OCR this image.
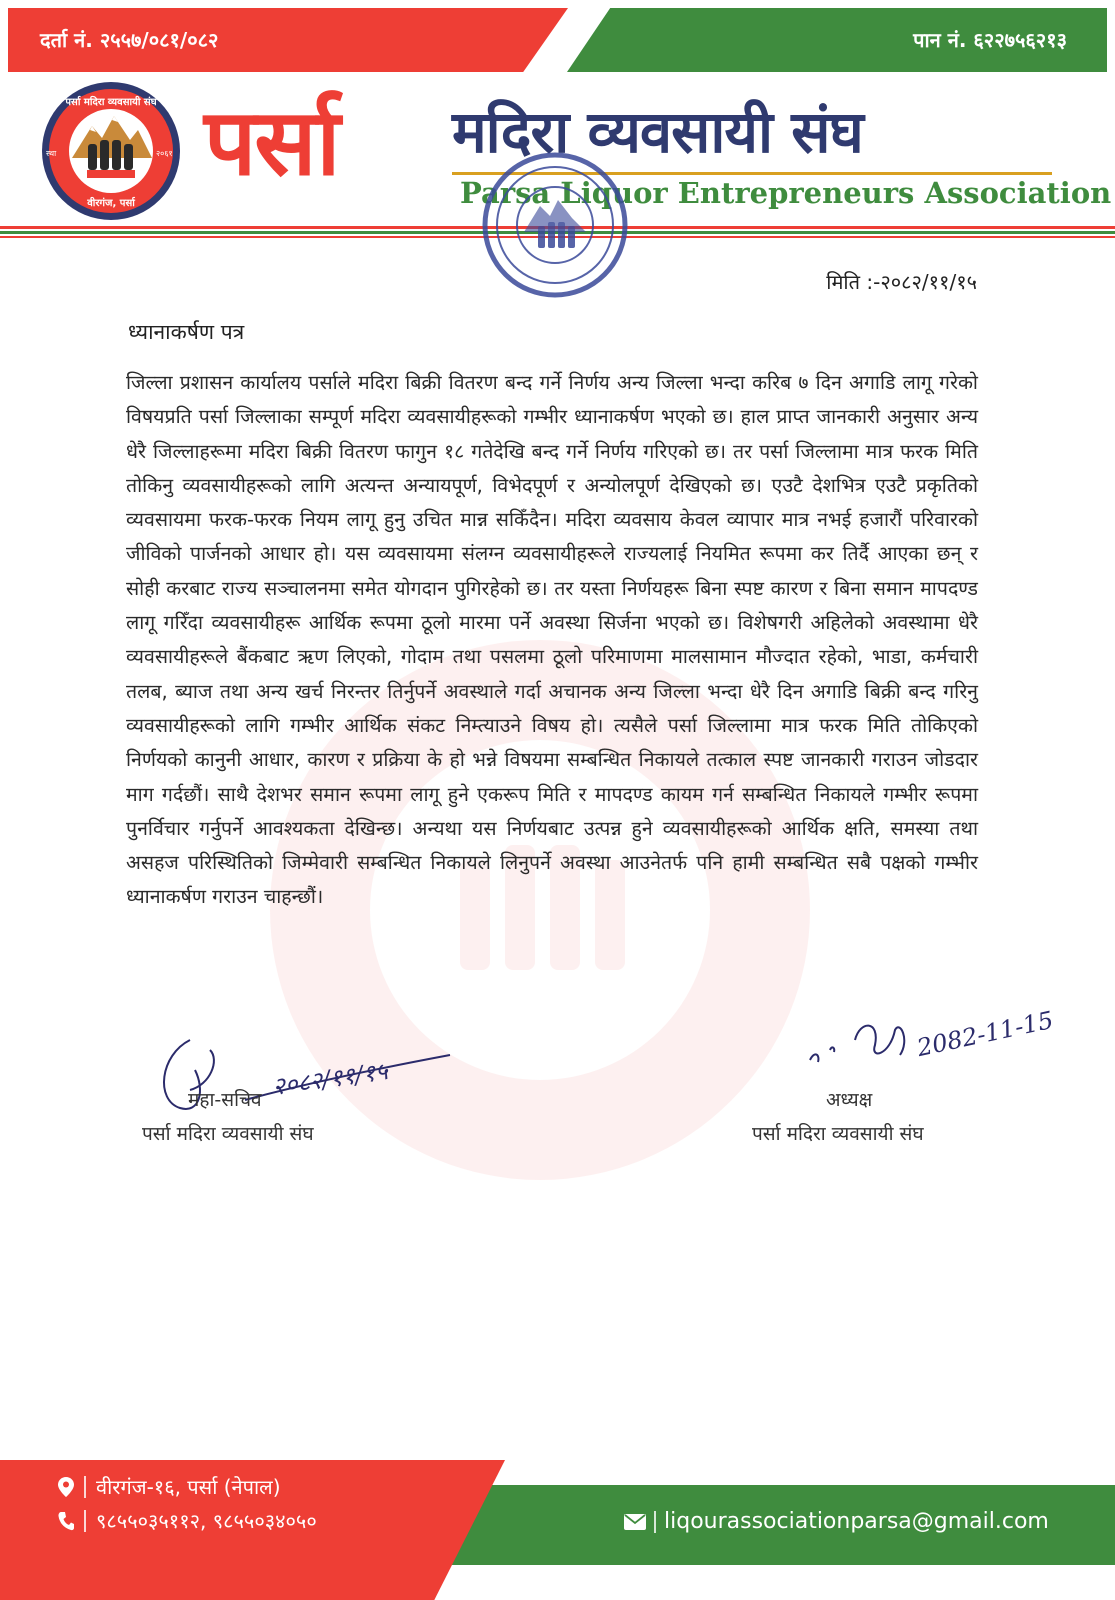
दर्ता नं. २५५७/०८१/०८२	पान नं. ६२२७५६२१३
पर्सा मदिरा व्यवसायी संघ
वीरगंज, पर्सा
स्था	२०६१ पर्सा मदिरा व्यवसायी संघ
Parsa Liquor Entrepreneurs Association
मिति :-२०८२/११/१५
ध्यानाकर्षण पत्र
जिल्ला प्रशासन कार्यालय पर्साले मदिरा बिक्री वितरण बन्द गर्ने निर्णय अन्य जिल्ला भन्दा करिब ७ दिन अगाडि लागू गरेको विषयप्रति पर्सा जिल्लाका सम्पूर्ण मदिरा व्यवसायीहरूको गम्भीर ध्यानाकर्षण भएको छ। हाल प्राप्त जानकारी अनुसार अन्य धेरै जिल्लाहरूमा मदिरा बिक्री वितरण फागुन १८ गतेदेखि बन्द गर्ने निर्णय गरिएको छ। तर पर्सा जिल्लामा मात्र फरक मिति तोकिनु व्यवसायीहरूको लागि अत्यन्त अन्यायपूर्ण, विभेदपूर्ण र अन्योलपूर्ण देखिएको छ। एउटै देशभित्र एउटै प्रकृतिको व्यवसायमा फरक-फरक नियम लागू हुनु उचित मान्न सकिँदैन। मदिरा व्यवसाय केवल व्यापार मात्र नभई हजारौं परिवारको जीविको पार्जनको आधार हो। यस व्यवसायमा संलग्न व्यवसायीहरूले राज्यलाई नियमित रूपमा कर तिर्दै आएका छन् र सोही करबाट राज्य सञ्चालनमा समेत योगदान पुगिरहेको छ। तर यस्ता निर्णयहरू बिना स्पष्ट कारण र बिना समान मापदण्ड लागू गरिँदा व्यवसायीहरू आर्थिक रूपमा ठूलो मारमा पर्ने अवस्था सिर्जना भएको छ। विशेषगरी अहिलेको अवस्थामा धेरै व्यवसायीहरूले बैंकबाट ऋण लिएको, गोदाम तथा पसलमा ठूलो परिमाणमा मालसामान मौज्दात रहेको, भाडा, कर्मचारी तलब, ब्याज तथा अन्य खर्च निरन्तर तिर्नुपर्ने अवस्थाले गर्दा अचानक अन्य जिल्ला भन्दा धेरै दिन अगाडि बिक्री बन्द गरिनु व्यवसायीहरूको लागि गम्भीर आर्थिक संकट निम्त्याउने विषय हो। त्यसैले पर्सा जिल्लामा मात्र फरक मिति तोकिएको निर्णयको कानुनी आधार, कारण र प्रक्रिया के हो भन्ने विषयमा सम्बन्धित निकायले तत्काल स्पष्ट जानकारी गराउन जोडदार माग गर्दछौं। साथै देशभर समान रूपमा लागू हुने एकरूप मिति र मापदण्ड कायम गर्न सम्बन्धित निकायले गम्भीर रूपमा पुनर्विचार गर्नुपर्ने आवश्यकता देखिन्छ। अन्यथा यस निर्णयबाट उत्पन्न हुने व्यवसायीहरूको आर्थिक क्षति, समस्या तथा असहज परिस्थितिको जिम्मेवारी सम्बन्धित निकायले लिनुपर्ने अवस्था आउनेतर्फ पनि हामी सम्बन्धित सबै पक्षको गम्भीर ध्यानाकर्षण गराउन चाहन्छौं।
२०८२/११/१५
महा-सचिव
पर्सा मदिरा व्यवसायी संघ
2082-11-15
अध्यक्ष
पर्सा मदिरा व्यवसायी संघ
वीरगंज-१६, पर्सा (नेपाल)
९८५५०३५११२, ९८५५०३४०५०	liqourassociationparsa@gmail.com
